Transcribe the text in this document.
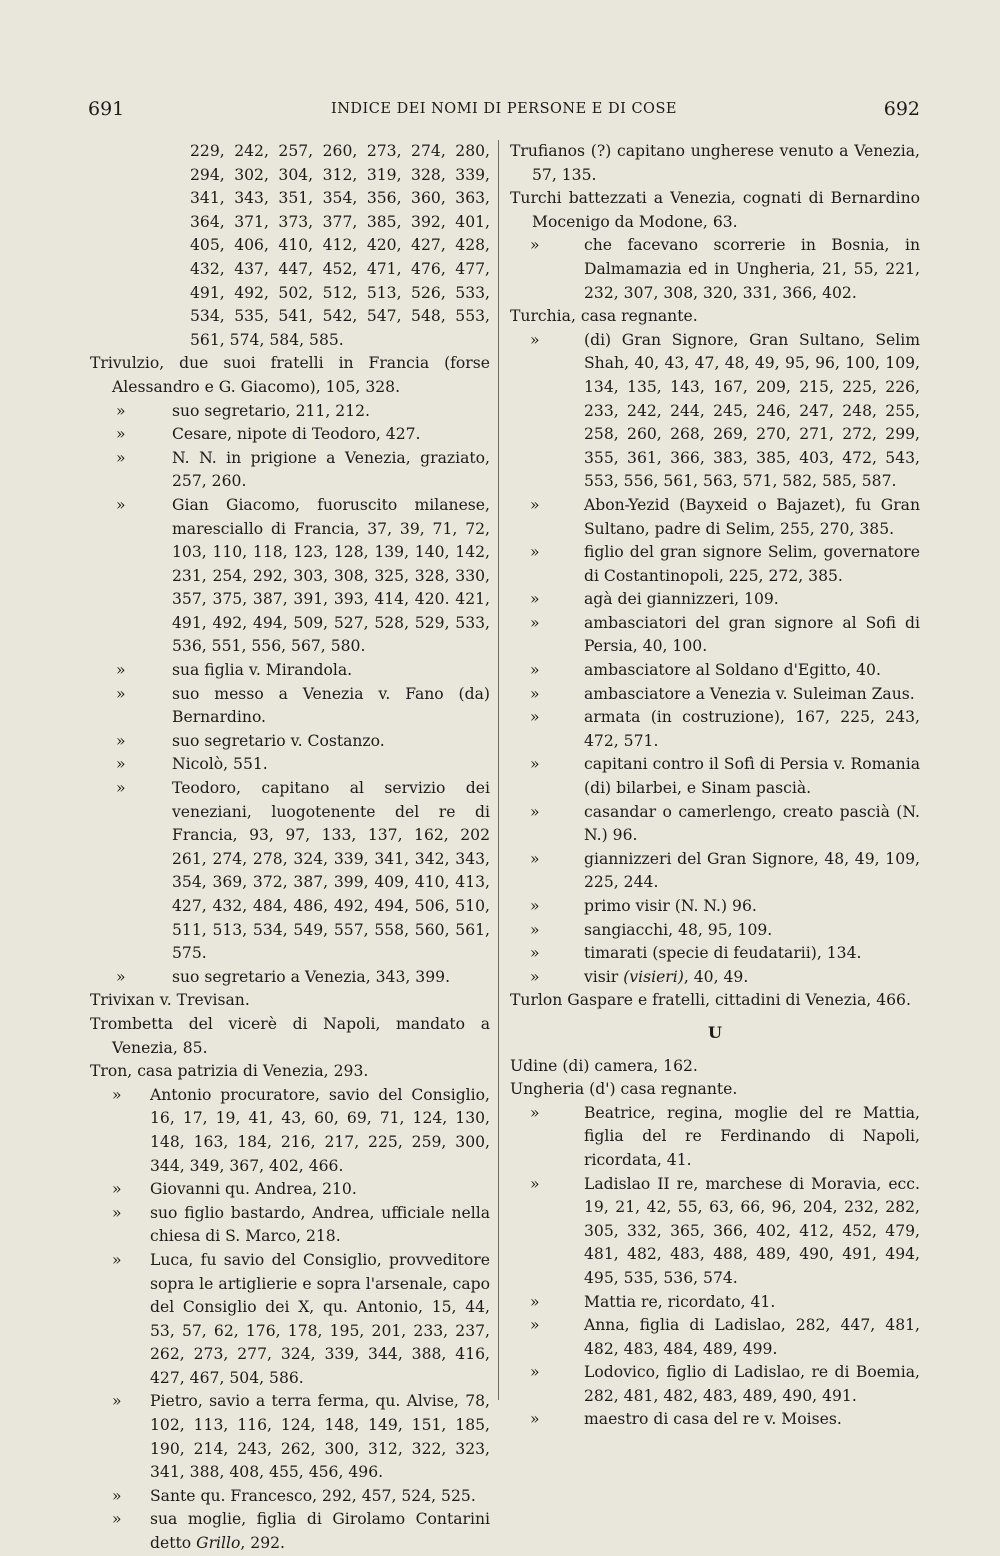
691	INDICE DEI NOMI DI PERSONE E DI COSE	692
229, 242, 257, 260, 273, 274, 280, 294, 302, 304, 312, 319, 328, 339, 341, 343, 351, 354, 356, 360, 363, 364, 371, 373, 377, 385, 392, 401, 405, 406, 410, 412, 420, 427, 428, 432, 437, 447, 452, 471, 476, 477, 491, 492, 502, 512, 513, 526, 533, 534, 535, 541, 542, 547, 548, 553, 561, 574, 584, 585.
Trivulzio, due suoi fratelli in Francia (forse Alessandro e G. Giacomo), 105, 328.
»	suo segretario, 211, 212.
»	Cesare, nipote di Teodoro, 427.
»	N. N. in prigione a Venezia, graziato, 257, 260.
»	Gian Giacomo, fuoruscito milanese, maresciallo di Francia, 37, 39, 71, 72, 103, 110, 118, 123, 128, 139, 140, 142, 231, 254, 292, 303, 308, 325, 328, 330, 357, 375, 387, 391, 393, 414, 420. 421, 491, 492, 494, 509, 527, 528, 529, 533, 536, 551, 556, 567, 580.
»	sua figlia v. Mirandola.
»	suo messo a Venezia v. Fano (da) Bernardino.
»	suo segretario v. Costanzo.
»	Nicolò, 551.
»	Teodoro, capitano al servizio dei veneziani, luogotenente del re di Francia, 93, 97, 133, 137, 162, 202 261, 274, 278, 324, 339, 341, 342, 343, 354, 369, 372, 387, 399, 409, 410, 413, 427, 432, 484, 486, 492, 494, 506, 510, 511, 513, 534, 549, 557, 558, 560, 561, 575.
»	suo segretario a Venezia, 343, 399.
Trivixan v. Trevisan.
Trombetta del vicerè di Napoli, mandato a Venezia, 85.
Tron, casa patrizia di Venezia, 293.
» Antonio procuratore, savio del Consiglio, 16, 17, 19, 41, 43, 60, 69, 71, 124, 130, 148, 163, 184, 216, 217, 225, 259, 300, 344, 349, 367, 402, 466.
» Giovanni qu. Andrea, 210.
» suo figlio bastardo, Andrea, ufficiale nella chiesa di S. Marco, 218.
» Luca, fu savio del Consiglio, provveditore sopra le artiglierie e sopra l'arsenale, capo del Consiglio dei X, qu. Antonio, 15, 44, 53, 57, 62, 176, 178, 195, 201, 233, 237, 262, 273, 277, 324, 339, 344, 388, 416, 427, 467, 504, 586.
» Pietro, savio a terra ferma, qu. Alvise, 78, 102, 113, 116, 124, 148, 149, 151, 185, 190, 214, 243, 262, 300, 312, 322, 323, 341, 388, 408, 455, 456, 496.
» Sante qu. Francesco, 292, 457, 524, 525.
» sua moglie, figlia di Girolamo Contarini detto Grillo, 292.
Trufianos (?) capitano ungherese venuto a Venezia, 57, 135.
Turchi battezzati a Venezia, cognati di Bernardino Mocenigo da Modone, 63.
»	che facevano scorrerie in Bosnia, in Dalmamazia ed in Ungheria, 21, 55, 221, 232, 307, 308, 320, 331, 366, 402.
Turchia, casa regnante.
»	(di) Gran Signore, Gran Sultano, Selim Shah, 40, 43, 47, 48, 49, 95, 96, 100, 109, 134, 135, 143, 167, 209, 215, 225, 226, 233, 242, 244, 245, 246, 247, 248, 255, 258, 260, 268, 269, 270, 271, 272, 299, 355, 361, 366, 383, 385, 403, 472, 543, 553, 556, 561, 563, 571, 582, 585, 587.
»	Abon-Yezid (Bayxeid o Bajazet), fu Gran Sultano, padre di Selim, 255, 270, 385.
»	figlio del gran signore Selim, governatore di Costantinopoli, 225, 272, 385.
»	agà dei giannizzeri, 109.
»	ambasciatori del gran signore al Sofi di Persia, 40, 100.
»	ambasciatore al Soldano d'Egitto, 40.
»	ambasciatore a Venezia v. Suleiman Zaus.
»	armata (in costruzione), 167, 225, 243, 472, 571.
»	capitani contro il Sofì di Persia v. Romania (di) bilarbei, e Sinam pascià.
»	casandar o camerlengo, creato pascià (N. N.) 96.
»	giannizzeri del Gran Signore, 48, 49, 109, 225, 244.
»	primo visir (N. N.) 96.
»	sangiacchi, 48, 95, 109.
»	timarati (specie di feudatarii), 134.
»	visir (visieri), 40, 49.
Turlon Gaspare e fratelli, cittadini di Venezia, 466.
U
Udine (di) camera, 162.
Ungheria (d') casa regnante.
»	Beatrice, regina, moglie del re Mattia, figlia del re Ferdinando di Napoli, ricordata, 41.
»	Ladislao II re, marchese di Moravia, ecc. 19, 21, 42, 55, 63, 66, 96, 204, 232, 282, 305, 332, 365, 366, 402, 412, 452, 479, 481, 482, 483, 488, 489, 490, 491, 494, 495, 535, 536, 574.
»	Mattia re, ricordato, 41.
»	Anna, figlia di Ladislao, 282, 447, 481, 482, 483, 484, 489, 499.
»	Lodovico, figlio di Ladislao, re di Boemia, 282, 481, 482, 483, 489, 490, 491.
»	maestro di casa del re v. Moises.
